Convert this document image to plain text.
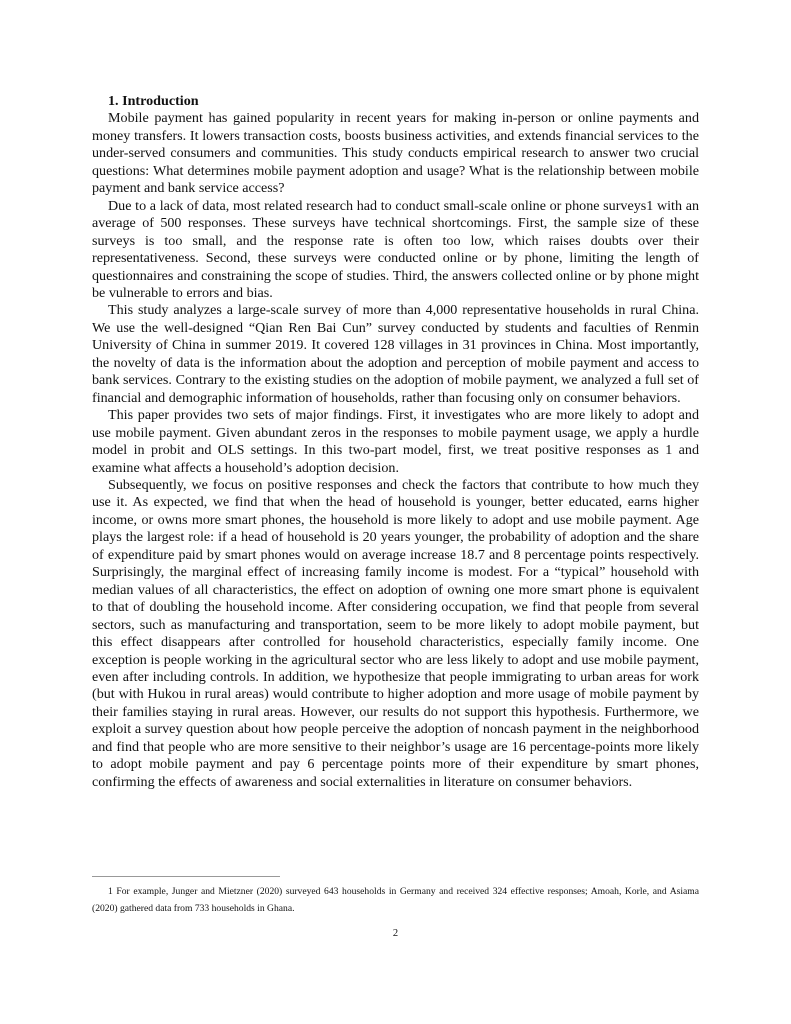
1. Introduction

Mobile payment has gained popularity in recent years for making in-person or online payments and money transfers. It lowers transaction costs, boosts business activities, and extends financial services to the under-served consumers and communities. This study conducts empirical research to answer two crucial questions: What determines mobile payment adoption and usage? What is the relationship between mobile payment and bank service access?

Due to a lack of data, most related research had to conduct small-scale online or phone surveys1 with an average of 500 responses. These surveys have technical shortcomings. First, the sample size of these surveys is too small, and the response rate is often too low, which raises doubts over their representativeness. Second, these surveys were conducted online or by phone, limiting the length of questionnaires and constraining the scope of studies. Third, the answers collected online or by phone might be vulnerable to errors and bias.

This study analyzes a large-scale survey of more than 4,000 representative households in rural China. We use the well-designed “Qian Ren Bai Cun” survey conducted by students and faculties of Renmin University of China in summer 2019. It covered 128 villages in 31 provinces in China. Most importantly, the novelty of data is the information about the adoption and perception of mobile payment and access to bank services. Contrary to the existing studies on the adoption of mobile payment, we analyzed a full set of financial and demographic information of households, rather than focusing only on consumer behaviors.

This paper provides two sets of major findings. First, it investigates who are more likely to adopt and use mobile payment. Given abundant zeros in the responses to mobile payment usage, we apply a hurdle model in probit and OLS settings. In this two-part model, first, we treat positive responses as 1 and examine what affects a household’s adoption decision.

Subsequently, we focus on positive responses and check the factors that contribute to how much they use it. As expected, we find that when the head of household is younger, better educated, earns higher income, or owns more smart phones, the household is more likely to adopt and use mobile payment. Age plays the largest role: if a head of household is 20 years younger, the probability of adoption and the share of expenditure paid by smart phones would on average increase 18.7 and 8 percentage points respectively. Surprisingly, the marginal effect of increasing family income is modest. For a “typical” household with median values of all characteristics, the effect on adoption of owning one more smart phone is equivalent to that of doubling the household income. After considering occupation, we find that people from several sectors, such as manufacturing and transportation, seem to be more likely to adopt mobile payment, but this effect disappears after controlled for household characteristics, especially family income. One exception is people working in the agricultural sector who are less likely to adopt and use mobile payment, even after including controls. In addition, we hypothesize that people immigrating to urban areas for work (but with Hukou in rural areas) would contribute to higher adoption and more usage of mobile payment by their families staying in rural areas. However, our results do not support this hypothesis. Furthermore, we exploit a survey question about how people perceive the adoption of noncash payment in the neighborhood and find that people who are more sensitive to their neighbor’s usage are 16 percentage-points more likely to adopt mobile payment and pay 6 percentage points more of their expenditure by smart phones, confirming the effects of awareness and social externalities in literature on consumer behaviors.

1 For example, Junger and Mietzner (2020) surveyed 643 households in Germany and received 324 effective responses; Amoah, Korle, and Asiama (2020) gathered data from 733 households in Ghana.

2
